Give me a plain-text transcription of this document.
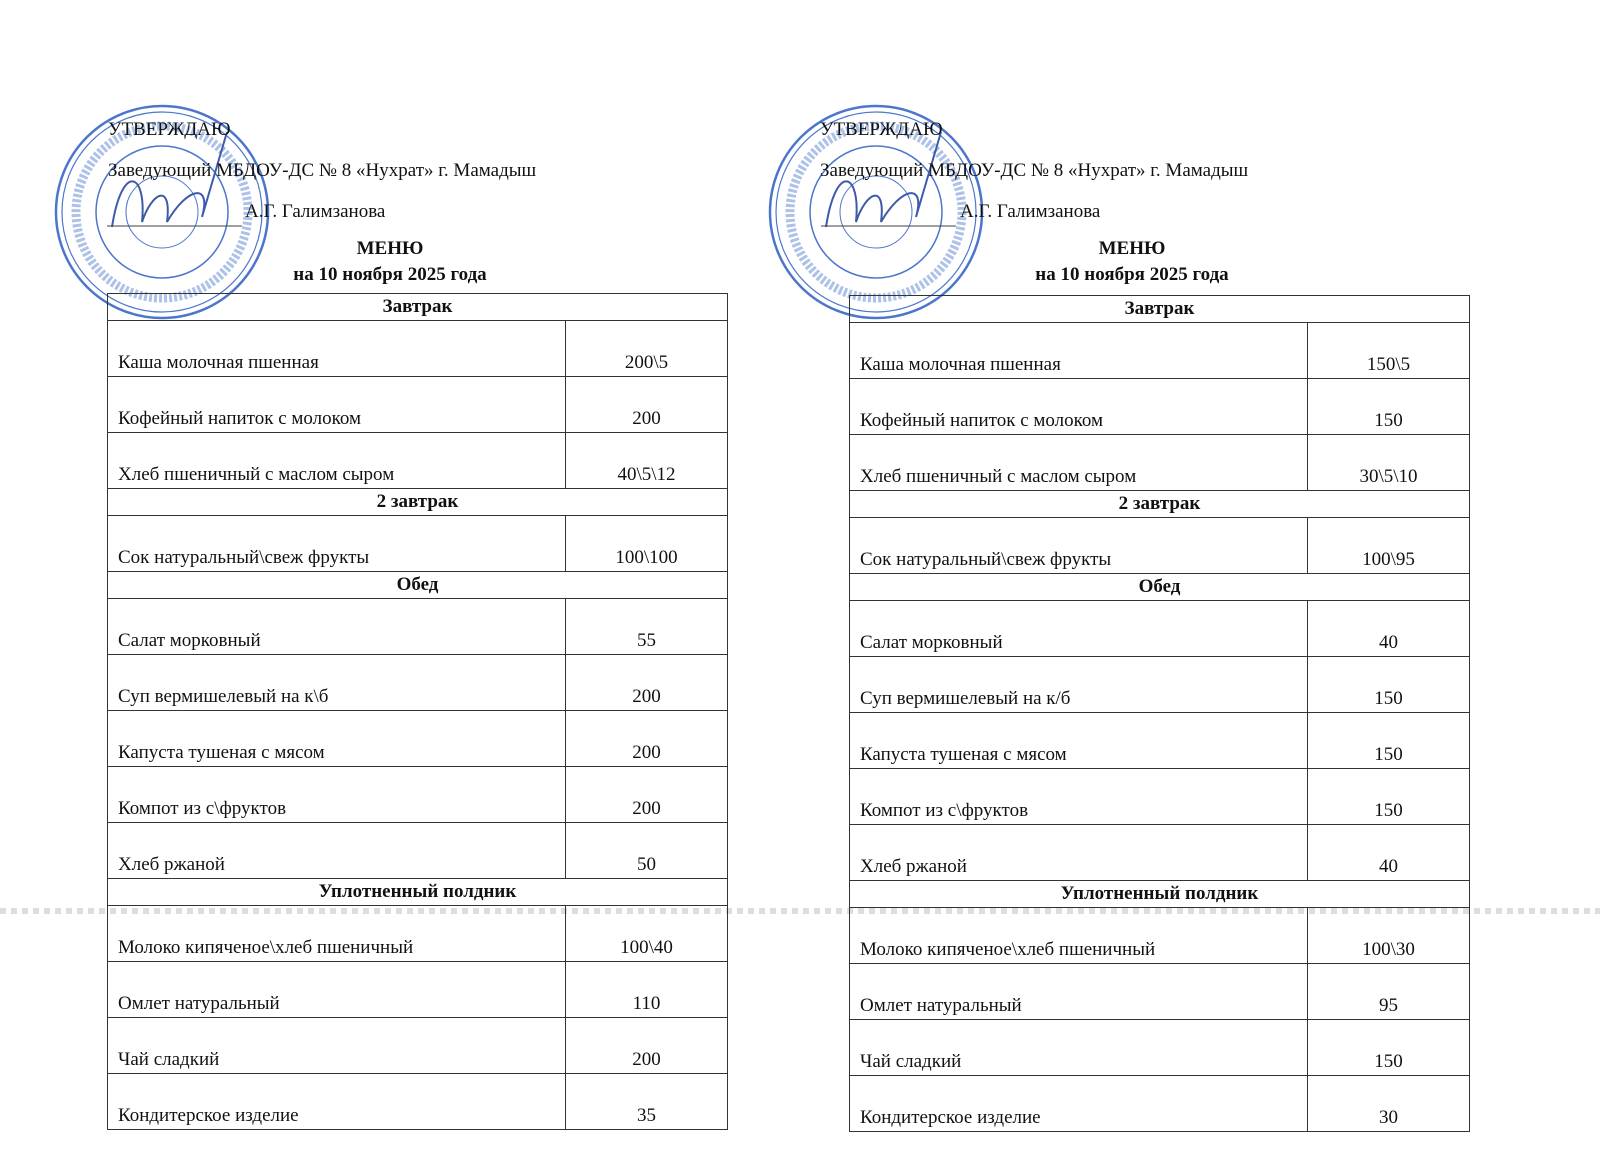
УТВЕРЖДАЮ
Заведующий МБДОУ-ДС № 8 «Нухрат» г. Мамадыш
А.Г. Галимзанова
МЕНЮ
на 10 ноября 2025 года
Завтрак	
Каша молочная пшенная	200\5
Кофейный напиток с молоком	200
Хлеб пшеничный с маслом сыром	40\5\12
2 завтрак	
Сок натуральный\свеж фрукты	100\100
Обед	
Салат морковный	55
Суп вермишелевый на к\б	200
Капуста тушеная с мясом	200
Компот из с\фруктов	200
Хлеб ржаной	50
Уплотненный полдник	
Молоко кипяченое\хлеб пшеничный	100\40
Омлет натуральный	110
Чай сладкий	200
Кондитерское изделие	35
УТВЕРЖДАЮ
Заведующий МБДОУ-ДС № 8 «Нухрат» г. Мамадыш
А.Г. Галимзанова
МЕНЮ
на 10 ноября 2025 года
Завтрак	
Каша молочная пшенная	150\5
Кофейный напиток с молоком	150
Хлеб пшеничный с маслом сыром	30\5\10
2 завтрак	
Сок натуральный\свеж фрукты	100\95
Обед	
Салат морковный	40
Суп вермишелевый на к/б	150
Капуста тушеная с мясом	150
Компот из с\фруктов	150
Хлеб ржаной	40
Уплотненный полдник	
Молоко кипяченое\хлеб пшеничный	100\30
Омлет натуральный	95
Чай сладкий	150
Кондитерское изделие	30
